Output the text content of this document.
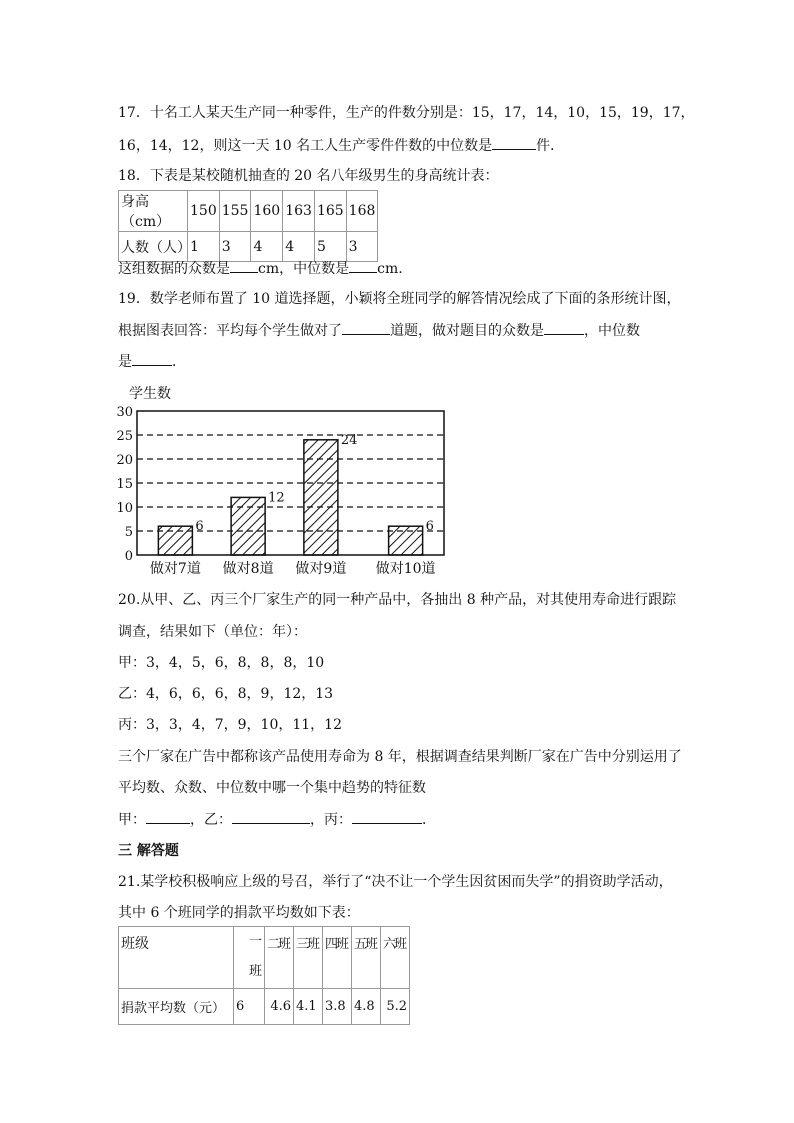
17．十名工人某天生产同一种零件，生产的件数分别是：15，17，14，10，15，19，17，
16，14，12，则这一天 10 名工人生产零件件数的中位数是	件．
18．下表是某校随机抽查的 20 名八年级男生的身高统计表：
身高（cm）	150	155	160	163	165	168
人数（人）	1	3	4	4	5	3
这组数据的众数是 cm，中位数是 cm.
19．数学老师布置了 10 道选择题，小颖将全班同学的解答情况绘成了下面的条形统计图，
根据图表回答：平均每个学生做对了	道题，做对题目的众数是	，中位数
是	．
学生数
0
5
10
15
20
25
30
6
做对7道
12
做对8道
24
做对9道
6
做对10道
20.从甲、乙、丙三个厂家生产的同一种产品中，各抽出 8 种产品，对其使用寿命进行跟踪
调查，结果如下（单位：年）：
甲：3，4，5，6，8，8，8，10
乙：4，6，6，6，8，9，12，13
丙：3，3，4，7，9，10，11，12
三个厂家在广告中都称该产品使用寿命为 8 年，根据调查结果判断厂家在广告中分别运用了
平均数、众数、中位数中哪一个集中趋势的特征数
甲：	，乙：	，丙：	．
三 解答题
21.某学校积极响应上级的号召，举行了“决不让一个学生因贫困而失学”的捐资助学活动，
其中 6 个班同学的捐款平均数如下表：
班级	一班	二班	三班	四班	五班	六班
捐款平均数（元）	6	4.6	4.1	3.8	4.8	5.2
